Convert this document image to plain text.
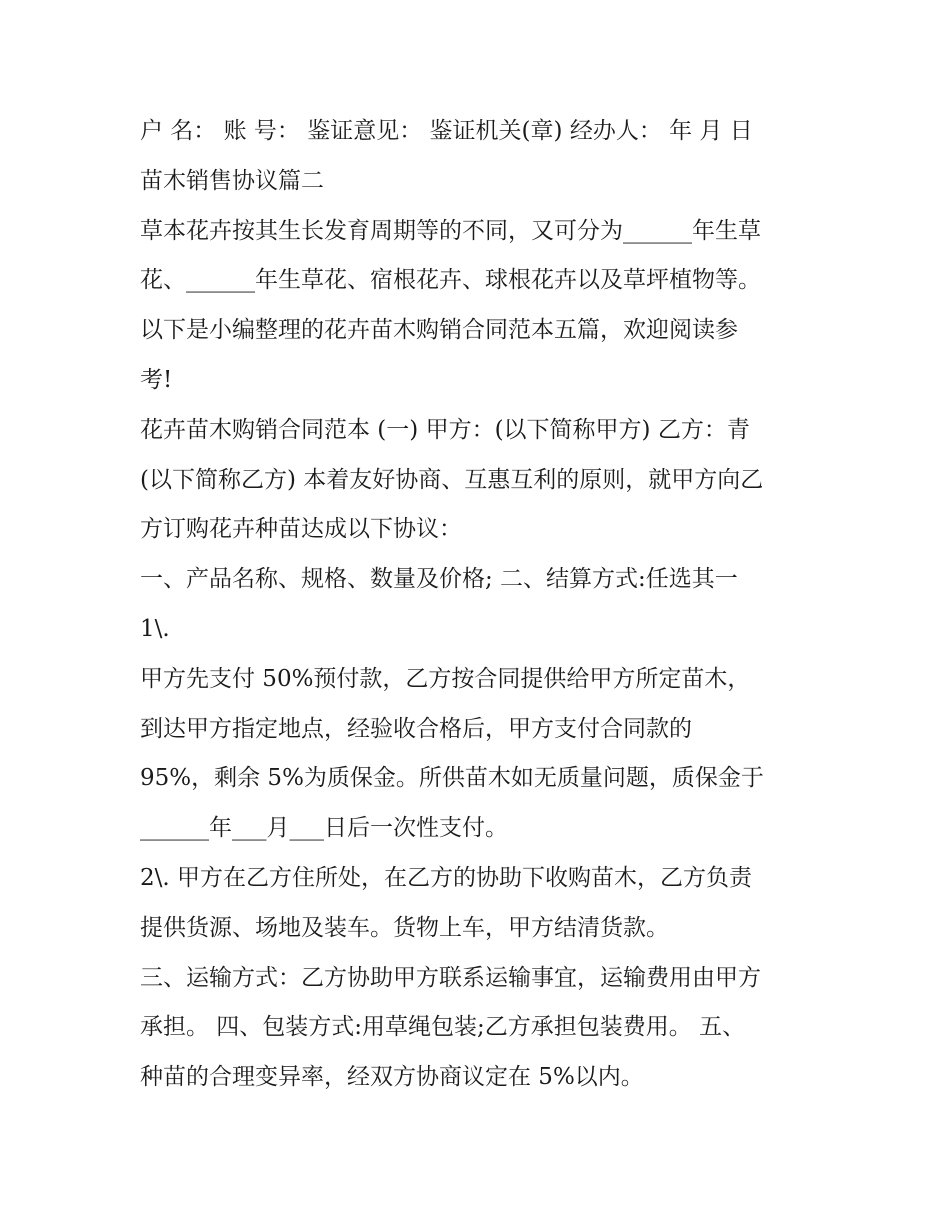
户 名： 账 号： 鉴证意见： 鉴证机关(章) 经办人： 年 月 日
苗木销售协议篇二
草本花卉按其生长发育周期等的不同，又可分为______年生草
花、______年生草花、宿根花卉、球根花卉以及草坪植物等。
以下是小编整理的花卉苗木购销合同范本五篇，欢迎阅读参
考!
花卉苗木购销合同范本 (一) 甲方：(以下简称甲方) 乙方：青
(以下简称乙方) 本着友好协商、互惠互利的原则，就甲方向乙
方订购花卉种苗达成以下协议：
一、产品名称、规格、数量及价格; 二、结算方式:任选其一
1\.
甲方先支付 50%预付款，乙方按合同提供给甲方所定苗木，
到达甲方指定地点，经验收合格后，甲方支付合同款的
95%，剩余 5%为质保金。所供苗木如无质量问题，质保金于
______年___月___日后一次性支付。
2\. 甲方在乙方住所处，在乙方的协助下收购苗木，乙方负责
提供货源、场地及装车。货物上车，甲方结清货款。
三、运输方式：乙方协助甲方联系运输事宜，运输费用由甲方
承担。 四、包装方式:用草绳包装;乙方承担包装费用。 五、
种苗的合理变异率，经双方协商议定在 5%以内。
